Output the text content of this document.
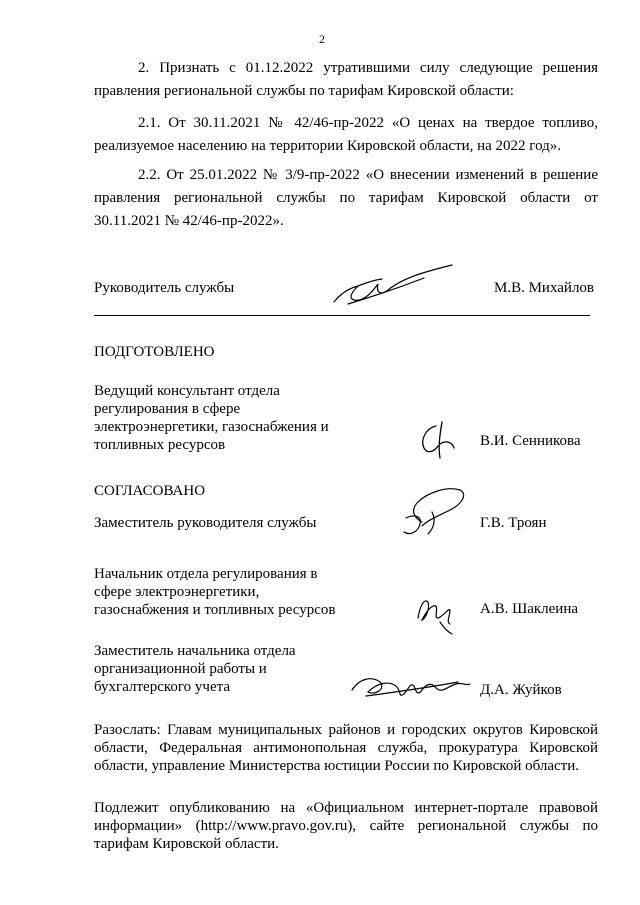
2
2. Признать с 01.12.2022 утратившими силу следующие решения
правления региональной службы по тарифам Кировской области:
2.1. От 30.11.2021 № 42/46-пр-2022 «О ценах на твердое топливо,
реализуемое населению на территории Кировской области, на 2022 год».
2.2. От 25.01.2022 № 3/9-пр-2022 «О внесении изменений в решение
правления региональной службы по тарифам Кировской области от
30.11.2021 № 42/46-пр-2022».
Руководитель службы	М.В. Михайлов
ПОДГОТОВЛЕНО
Ведущий консультант отдела
регулирования в сфере
электроэнергетики, газоснабжения и
топливных ресурсов	В.И. Сенникова
СОГЛАСОВАНО
Заместитель руководителя службы	Г.В. Троян
Начальник отдела регулирования в
сфере электроэнергетики,
газоснабжения и топливных ресурсов	А.В. Шаклеина
Заместитель начальника отдела
организационной работы и
бухгалтерского учета	Д.А. Жуйков
Разослать: Главам муниципальных районов и городских округов Кировской
области, Федеральная антимонопольная служба, прокуратура Кировской
области, управление Министерства юстиции России по Кировской области.
Подлежит опубликованию на «Официальном интернет-портале правовой
информации» (http://www.pravo.gov.ru), сайте региональной службы по
тарифам Кировской области.
